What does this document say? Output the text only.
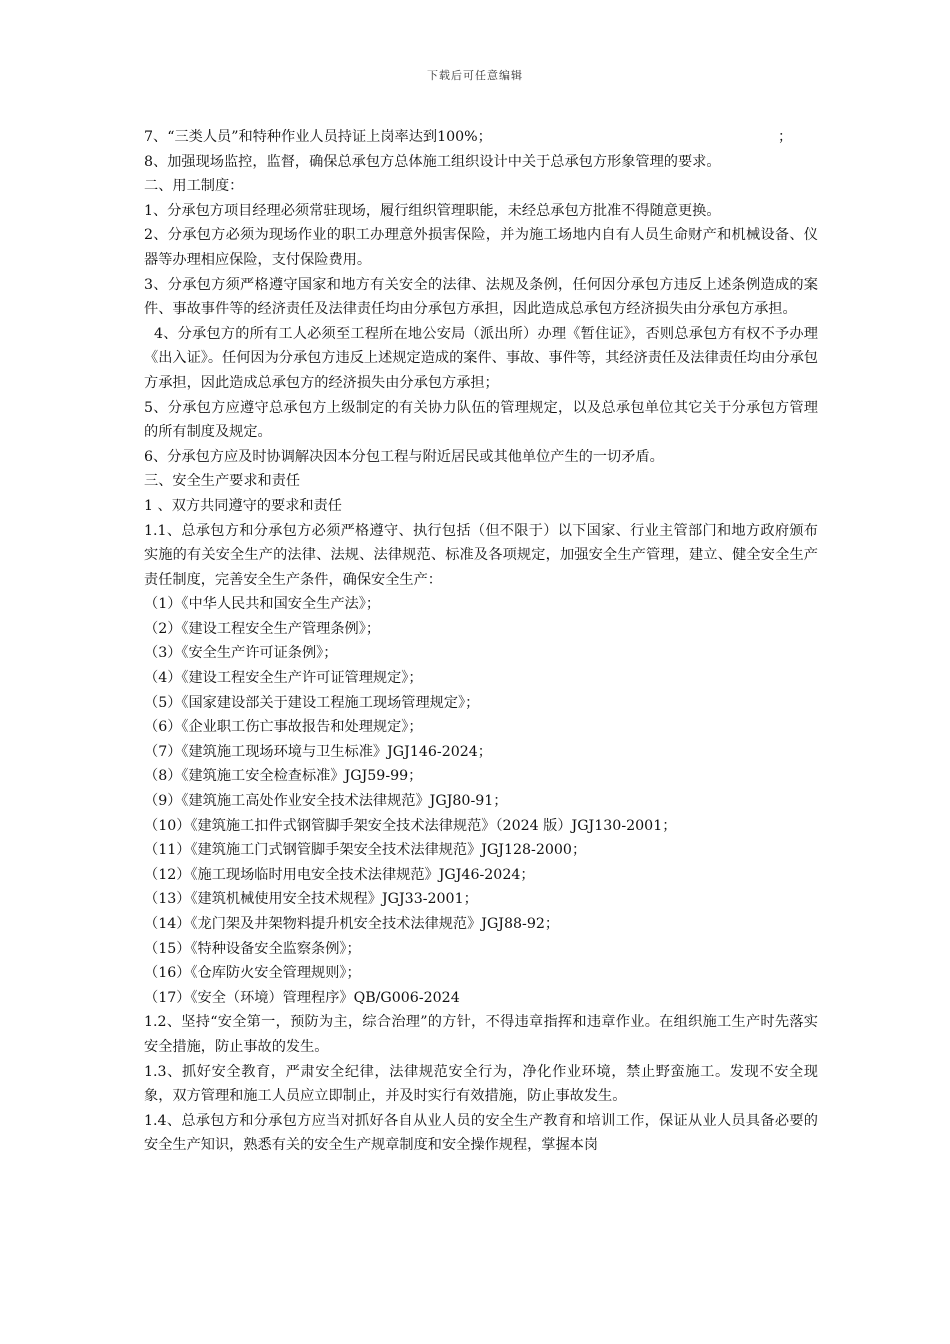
下载后可任意编辑

7、“三类人员”和特种作业人员持证上岗率达到100%；	；

8、加强现场监控，监督，确保总承包方总体施工组织设计中关于总承包方形象管理的要求。

二、用工制度：

1、分承包方项目经理必须常驻现场，履行组织管理职能，未经总承包方批准不得随意更换。

2、分承包方必须为现场作业的职工办理意外损害保险，并为施工场地内自有人员生命财产和机械设备、仪器等办理相应保险，支付保险费用。

3、分承包方须严格遵守国家和地方有关安全的法律、法规及条例，任何因分承包方违反上述条例造成的案件、事故事件等的经济责任及法律责任均由分承包方承担，因此造成总承包方经济损失由分承包方承担。

4、分承包方的所有工人必须至工程所在地公安局（派出所）办理《暂住证》，否则总承包方有权不予办理《出入证》。任何因为分承包方违反上述规定造成的案件、事故、事件等，其经济责任及法律责任均由分承包方承担，因此造成总承包方的经济损失由分承包方承担；

5、分承包方应遵守总承包方上级制定的有关协力队伍的管理规定，以及总承包单位其它关于分承包方管理的所有制度及规定。

6、分承包方应及时协调解决因本分包工程与附近居民或其他单位产生的一切矛盾。

三、安全生产要求和责任

1 、双方共同遵守的要求和责任

1.1、总承包方和分承包方必须严格遵守、执行包括（但不限于）以下国家、行业主管部门和地方政府颁布实施的有关安全生产的法律、法规、法律规范、标准及各项规定，加强安全生产管理，建立、健全安全生产责任制度，完善安全生产条件，确保安全生产：

（1）《中华人民共和国安全生产法》；

（2）《建设工程安全生产管理条例》；

（3）《安全生产许可证条例》；

（4）《建设工程安全生产许可证管理规定》；

（5）《国家建设部关于建设工程施工现场管理规定》；

（6）《企业职工伤亡事故报告和处理规定》；

（7）《建筑施工现场环境与卫生标准》JGJ146-2024；

（8）《建筑施工安全检查标准》JGJ59-99；

（9）《建筑施工高处作业安全技术法律规范》JGJ80-91；

（10）《建筑施工扣件式钢管脚手架安全技术法律规范》（2024 版）JGJ130-2001；

（11）《建筑施工门式钢管脚手架安全技术法律规范》JGJ128-2000；

（12）《施工现场临时用电安全技术法律规范》JGJ46-2024；

（13）《建筑机械使用安全技术规程》JGJ33-2001；

（14）《龙门架及井架物料提升机安全技术法律规范》JGJ88-92；

（15）《特种设备安全监察条例》；

（16）《仓库防火安全管理规则》；

（17）《安全（环境）管理程序》QB/G006-2024

1.2、坚持“安全第一，预防为主，综合治理”的方针，不得违章指挥和违章作业。在组织施工生产时先落实安全措施，防止事故的发生。

1.3、抓好安全教育，严肃安全纪律，法律规范安全行为，净化作业环境，禁止野蛮施工。发现不安全现象，双方管理和施工人员应立即制止，并及时实行有效措施，防止事故发生。

1.4、总承包方和分承包方应当对抓好各自从业人员的安全生产教育和培训工作，保证从业人员具备必要的安全生产知识，熟悉有关的安全生产规章制度和安全操作规程，掌握本岗
